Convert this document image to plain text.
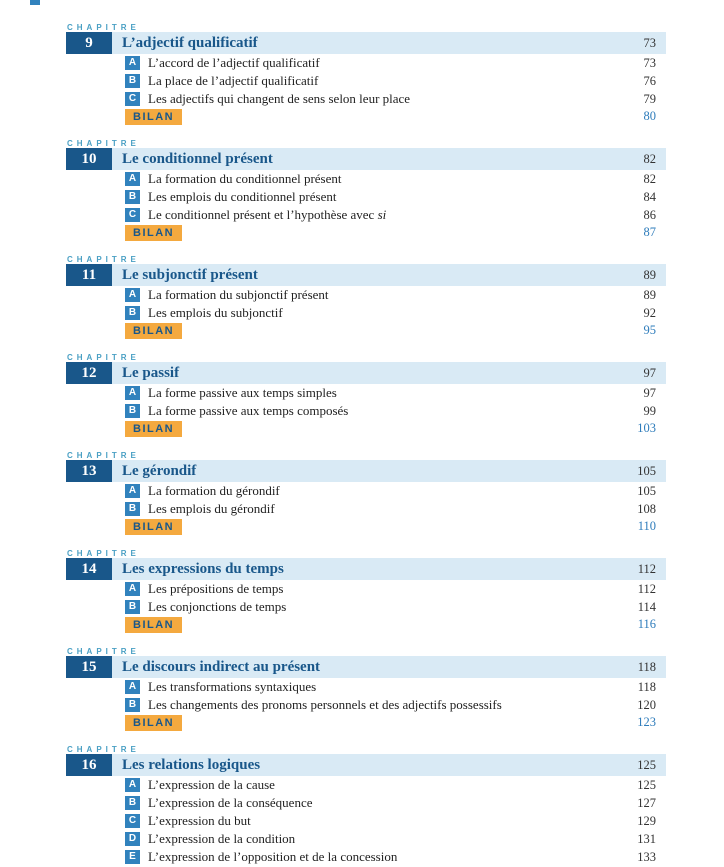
CHAPITRE
9	L’adjectif qualificatif	73
A L’accord de l’adjectif qualificatif	73
B La place de l’adjectif qualificatif	76
C Les adjectifs qui changent de sens selon leur place	79
BILAN	80
CHAPITRE
10	Le conditionnel présent	82
A La formation du conditionnel présent	82
B Les emplois du conditionnel présent	84
C Le conditionnel présent et l’hypothèse avec si	86
BILAN	87
CHAPITRE
11	Le subjonctif présent	89
A La formation du subjonctif présent	89
B Les emplois du subjonctif	92
BILAN	95
CHAPITRE
12	Le passif	97
A La forme passive aux temps simples	97
B La forme passive aux temps composés	99
BILAN	103
CHAPITRE
13	Le gérondif	105
A La formation du gérondif	105
B Les emplois du gérondif	108
BILAN	110
CHAPITRE
14	Les expressions du temps	112
A Les prépositions de temps	112
B Les conjonctions de temps	114
BILAN	116
CHAPITRE
15	Le discours indirect au présent	118
A Les transformations syntaxiques	118
B Les changements des pronoms personnels et des adjectifs possessifs	120
BILAN	123
CHAPITRE
16	Les relations logiques	125
A L’expression de la cause	125
B L’expression de la conséquence	127
C L’expression du but	129
D L’expression de la condition	131
E L’expression de l’opposition et de la concession	133
